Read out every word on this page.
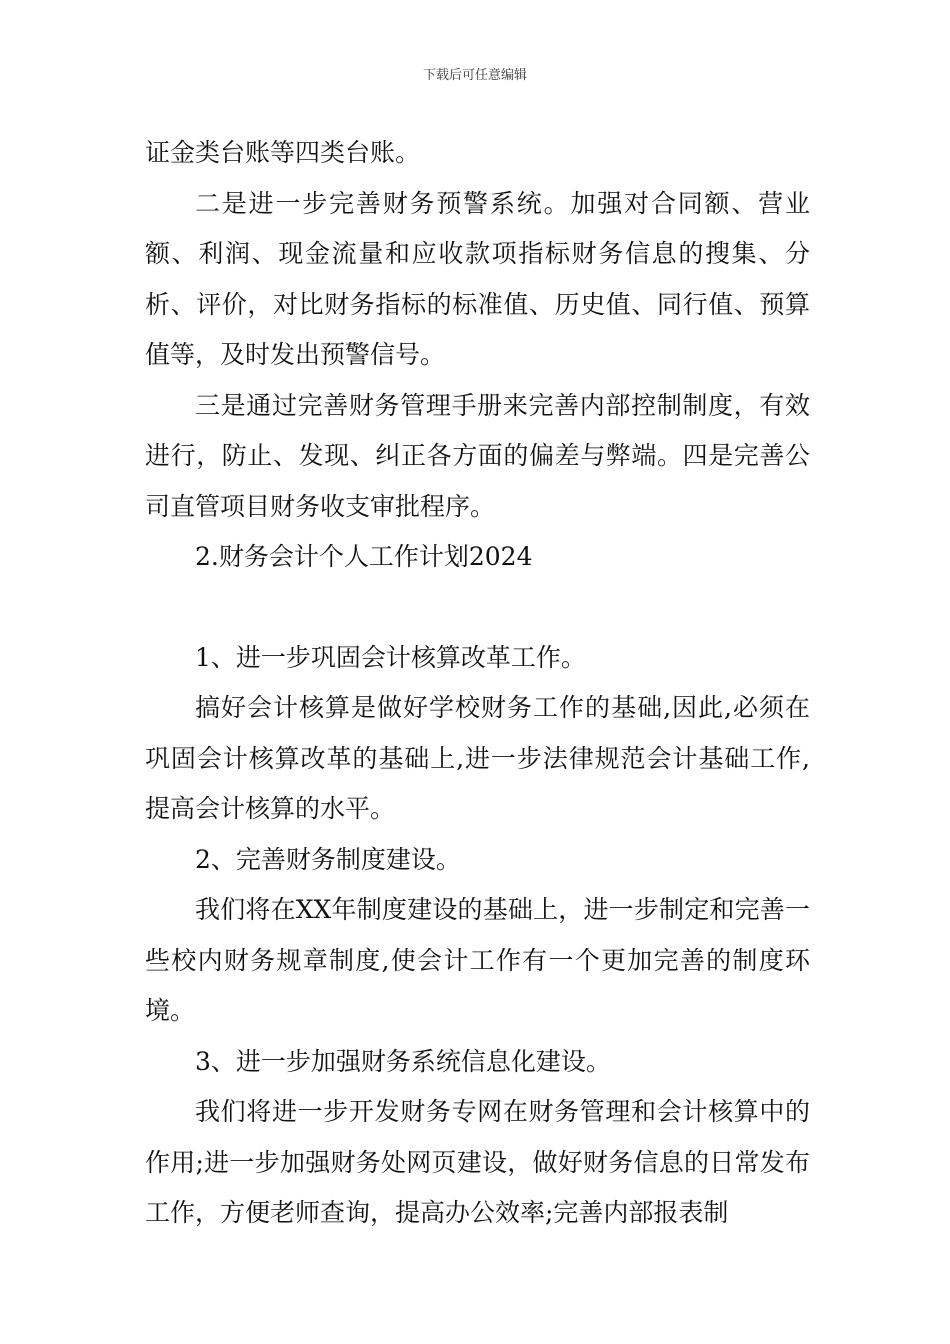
下载后可任意编辑

证金类台账等四类台账。

二是进一步完善财务预警系统。加强对合同额、营业额、利润、现金流量和应收款项指标财务信息的搜集、分析、评价，对比财务指标的标准值、历史值、同行值、预算值等，及时发出预警信号。

三是通过完善财务管理手册来完善内部控制制度，有效进行，防止、发现、纠正各方面的偏差与弊端。四是完善公司直管项目财务收支审批程序。

2.财务会计个人工作计划2024

1、进一步巩固会计核算改革工作。

搞好会计核算是做好学校财务工作的基础,因此,必须在巩固会计核算改革的基础上,进一步法律规范会计基础工作,提高会计核算的水平。

2、完善财务制度建设。

我们将在XX年制度建设的基础上，进一步制定和完善一些校内财务规章制度,使会计工作有一个更加完善的制度环境。

3、进一步加强财务系统信息化建设。

我们将进一步开发财务专网在财务管理和会计核算中的作用;进一步加强财务处网页建设，做好财务信息的日常发布工作，方便老师查询，提高办公效率;完善内部报表制
